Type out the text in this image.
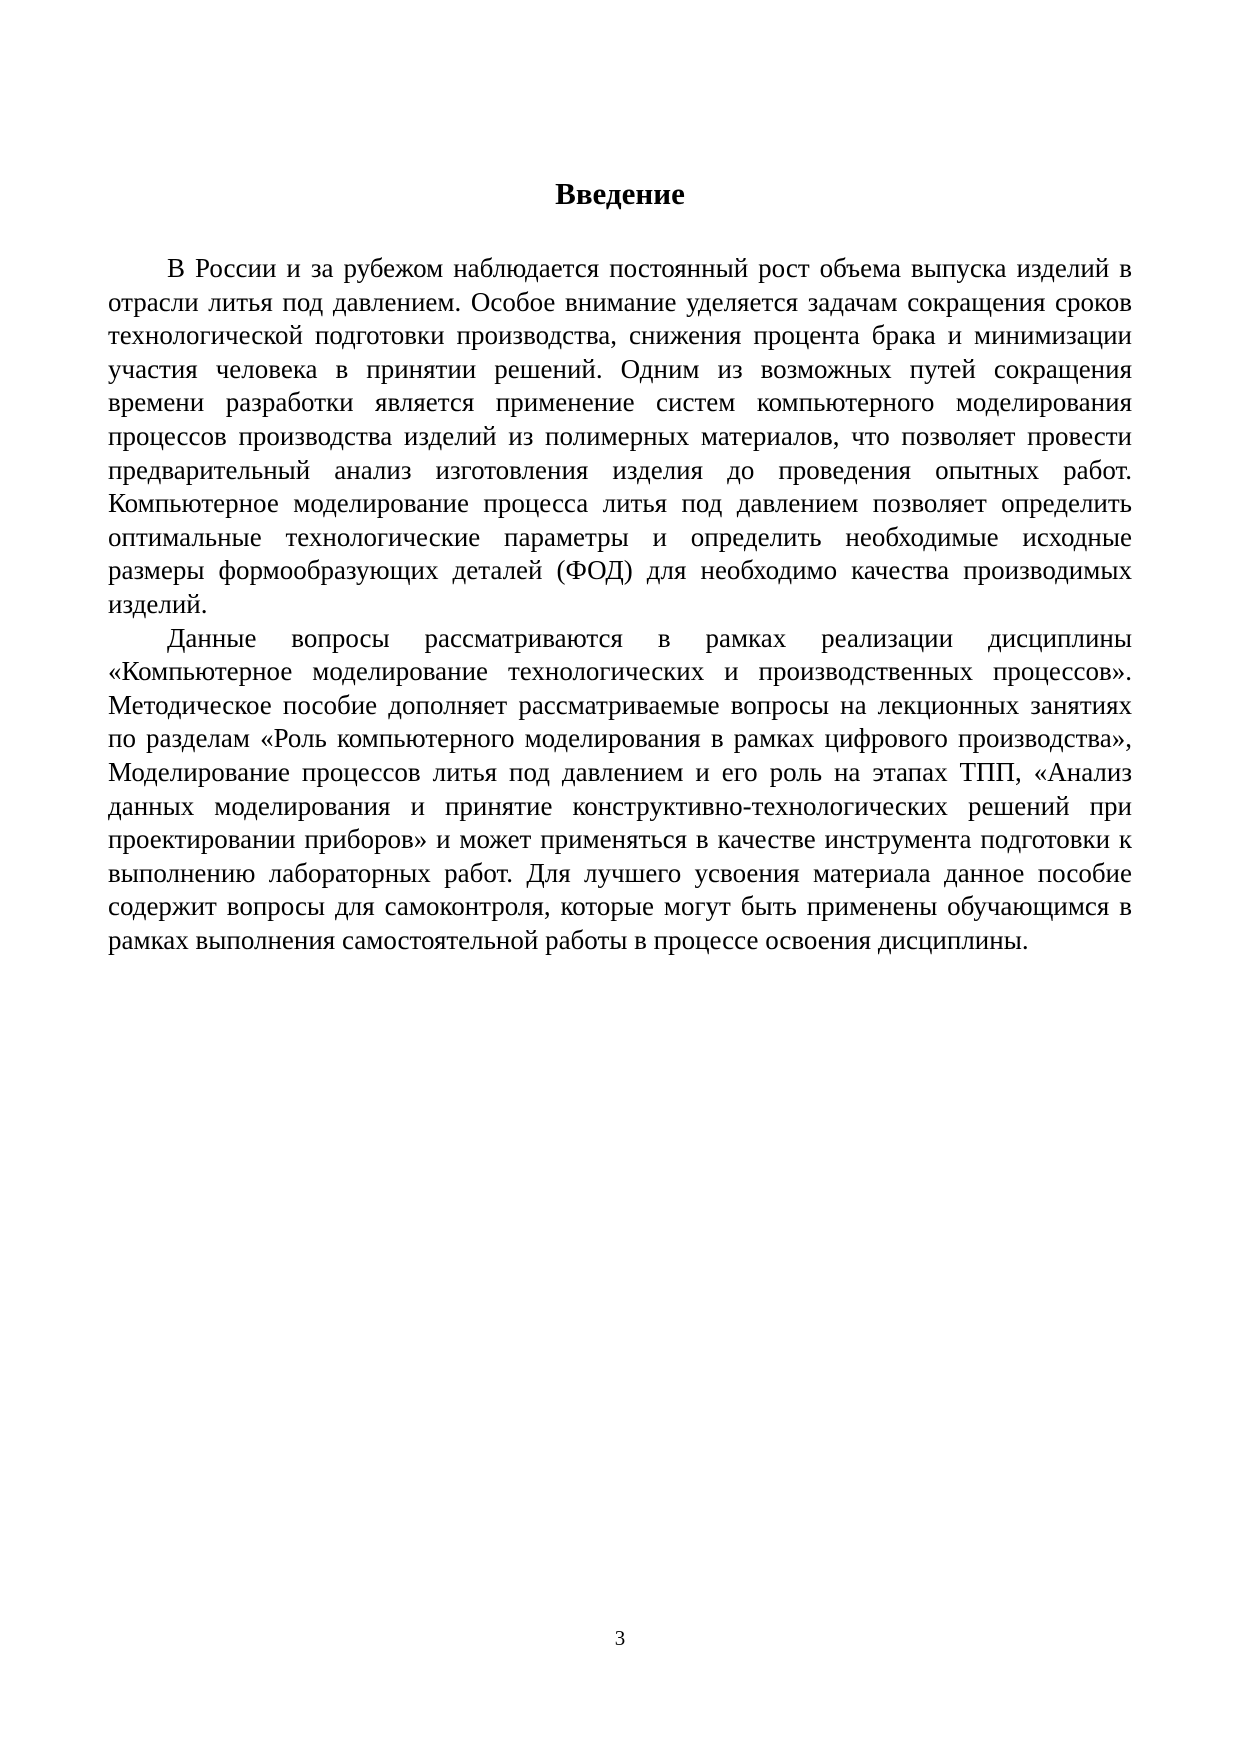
Введение

В России и за рубежом наблюдается постоянный рост объема выпуска изделий в отрасли литья под давлением. Особое внимание уделяется задачам сокращения сроков технологической подготовки производства, снижения процента брака и минимизации участия человека в принятии решений. Одним из возможных путей сокращения времени разработки является применение систем компьютерного моделирования процессов производства изделий из полимерных материалов, что позволяет провести предварительный анализ изготовления изделия до проведения опытных работ. Компьютерное моделирование процесса литья под давлением позволяет определить оптимальные технологические параметры и определить необходимые исходные размеры формообразующих деталей (ФОД) для необходимо качества производимых изделий.

Данные вопросы рассматриваются в рамках реализации дисциплины «Компьютерное моделирование технологических и производственных процессов». Методическое пособие дополняет рассматриваемые вопросы на лекционных занятиях по разделам «Роль компьютерного моделирования в рамках цифрового производства», Моделирование процессов литья под давлением и его роль на этапах ТПП, «Анализ данных моделирования и принятие конструктивно-технологических решений при проектировании приборов» и может применяться в качестве инструмента подготовки к выполнению лабораторных работ. Для лучшего усвоения материала данное пособие содержит вопросы для самоконтроля, которые могут быть применены обучающимся в рамках выполнения самостоятельной работы в процессе освоения дисциплины.

3
